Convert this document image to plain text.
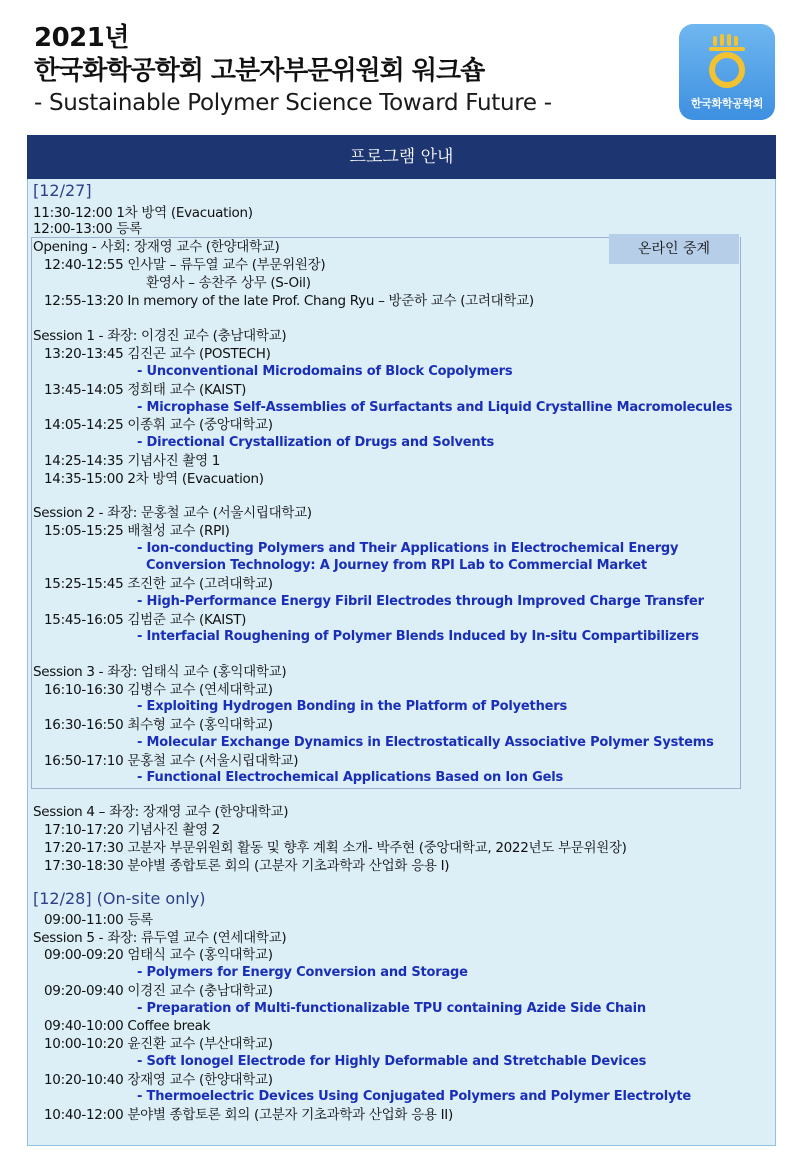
2021년
한국화학공학회 고분자부문위원회 워크숍
- Sustainable Polymer Science Toward Future -	한국화학공학회
프로그램 안내
온라인 중계
[12/27]
11:30-12:00 1차 방역 (Evacuation)
12:00-13:00 등록
Opening - 사회: 장재영 교수 (한양대학교)
12:40-12:55 인사말 – 류두열 교수 (부문위원장)
환영사 – 송찬주 상무 (S-Oil)
12:55-13:20 In memory of the late Prof. Chang Ryu – 방준하 교수 (고려대학교)
Session 1 - 좌장: 이경진 교수 (충남대학교)
13:20-13:45 김진곤 교수 (POSTECH)
- Unconventional Microdomains of Block Copolymers
13:45-14:05 정희태 교수 (KAIST)
- Microphase Self-Assemblies of Surfactants and Liquid Crystalline Macromolecules
14:05-14:25 이종휘 교수 (중앙대학교)
- Directional Crystallization of Drugs and Solvents
14:25-14:35 기념사진 촬영 1
14:35-15:00 2차 방역 (Evacuation)
Session 2 - 좌장: 문홍철 교수 (서울시립대학교)
15:05-15:25 배철성 교수 (RPI)
- Ion-conducting Polymers and Their Applications in Electrochemical Energy
Conversion Technology: A Journey from RPI Lab to Commercial Market
15:25-15:45 조진한 교수 (고려대학교)
- High-Performance Energy Fibril Electrodes through Improved Charge Transfer
15:45-16:05 김범준 교수 (KAIST)
- Interfacial Roughening of Polymer Blends Induced by In-situ Compartibilizers
Session 3 - 좌장: 엄태식 교수 (홍익대학교)
16:10-16:30 김병수 교수 (연세대학교)
- Exploiting Hydrogen Bonding in the Platform of Polyethers
16:30-16:50 최수형 교수 (홍익대학교)
- Molecular Exchange Dynamics in Electrostatically Associative Polymer Systems
16:50-17:10 문홍철 교수 (서울시립대학교)
- Functional Electrochemical Applications Based on Ion Gels
Session 4 – 좌장: 장재영 교수 (한양대학교)
17:10-17:20 기념사진 촬영 2
17:20-17:30 고분자 부문위원회 활동 및 향후 계획 소개- 박주현 (중앙대학교, 2022년도 부문위원장)
17:30-18:30 분야별 종합토론 회의 (고분자 기초과학과 산업화 응용 I)
[12/28] (On-site only)
09:00-11:00 등록
Session 5 - 좌장: 류두열 교수 (연세대학교)
09:00-09:20 엄태식 교수 (홍익대학교)
- Polymers for Energy Conversion and Storage
09:20-09:40 이경진 교수 (충남대학교)
- Preparation of Multi-functionalizable TPU containing Azide Side Chain
09:40-10:00 Coffee break
10:00-10:20 윤진환 교수 (부산대학교)
- Soft Ionogel Electrode for Highly Deformable and Stretchable Devices
10:20-10:40 장재영 교수 (한양대학교)
- Thermoelectric Devices Using Conjugated Polymers and Polymer Electrolyte
10:40-12:00 분야별 종합토론 회의 (고분자 기초과학과 산업화 응용 II)
